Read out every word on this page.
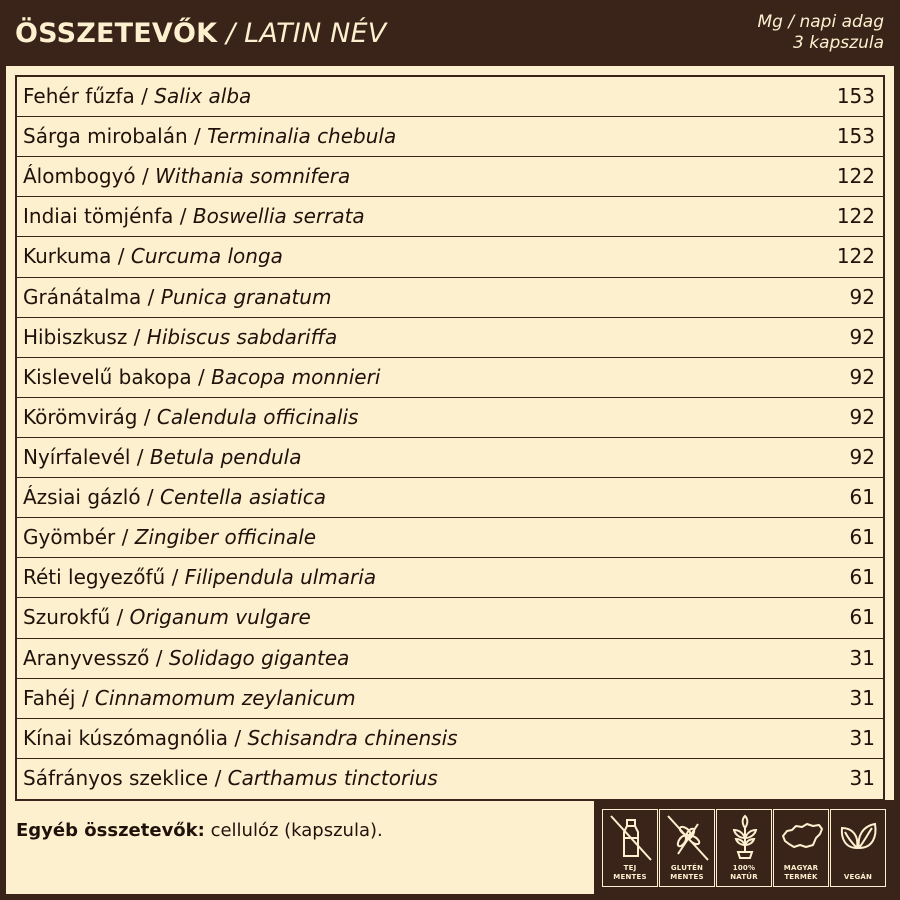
ÖSSZETEVŐK / LATIN NÉV	Mg / napi adag
3 kapszula
Fehér fűzfa / Salix alba	153
Sárga mirobalán / Terminalia chebula	153
Álombogyó / Withania somnifera	122
Indiai tömjénfa / Boswellia serrata	122
Kurkuma / Curcuma longa	122
Gránátalma / Punica granatum	92
Hibiszkusz / Hibiscus sabdariffa	92
Kislevelű bakopa / Bacopa monnieri	92
Körömvirág / Calendula officinalis	92
Nyírfalevél / Betula pendula	92
Ázsiai gázló / Centella asiatica	61
Gyömbér / Zingiber officinale	61
Réti legyezőfű / Filipendula ulmaria	61
Szurokfű / Origanum vulgare	61
Aranyvessző / Solidago gigantea	31
Fahéj / Cinnamomum zeylanicum	31
Kínai kúszómagnólia / Schisandra chinensis	31
Sáfrányos szeklice / Carthamus tinctorius	31
Egyéb összetevők: cellulóz (kapszula).
TEJ
MENTES
GLUTÉN
MENTES
100%
NATÚR
MAGYAR
TERMÉK	VEGÁN
